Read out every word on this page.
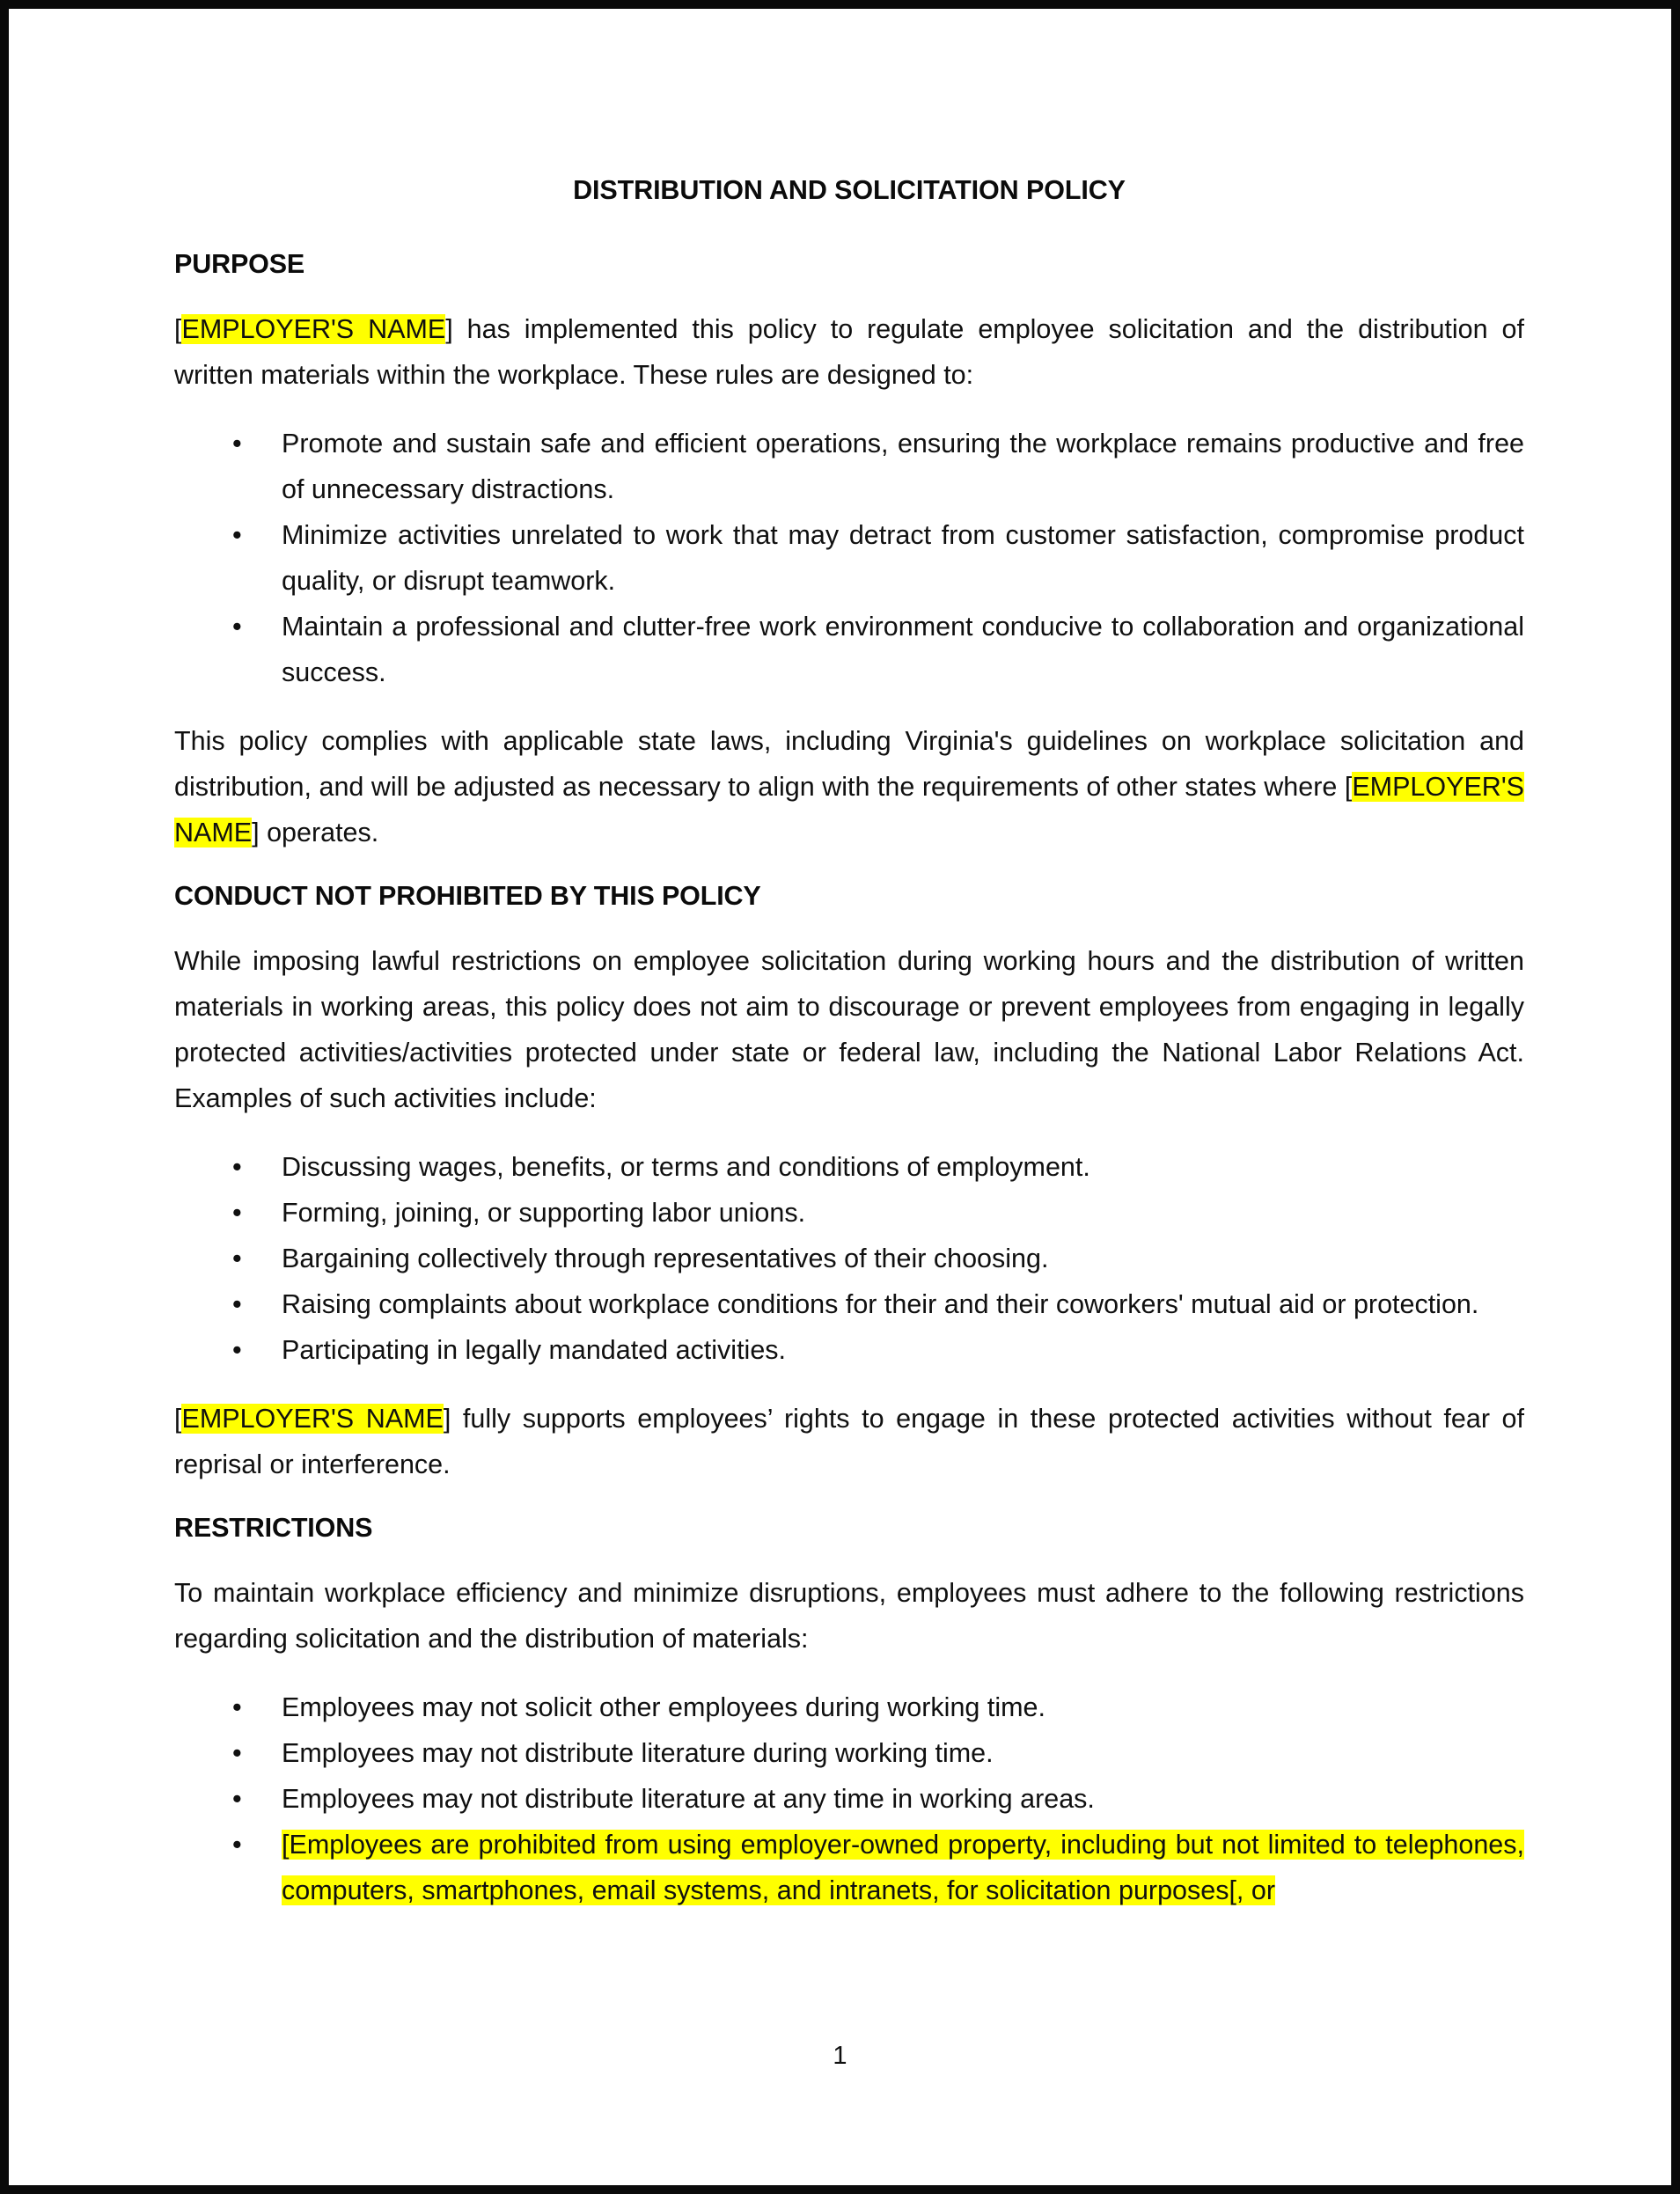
DISTRIBUTION AND SOLICITATION POLICY
PURPOSE

[EMPLOYER'S NAME] has implemented this policy to regulate employee solicitation and the distribution of written materials within the workplace. These rules are designed to:

• Promote and sustain safe and efficient operations, ensuring the workplace remains productive and free of unnecessary distractions.
• Minimize activities unrelated to work that may detract from customer satisfaction, compromise product quality, or disrupt teamwork.
• Maintain a professional and clutter-free work environment conducive to collaboration and organizational success.

This policy complies with applicable state laws, including Virginia's guidelines on workplace solicitation and distribution, and will be adjusted as necessary to align with the requirements of other states where [EMPLOYER'S NAME] operates.

CONDUCT NOT PROHIBITED BY THIS POLICY

While imposing lawful restrictions on employee solicitation during working hours and the distribution of written materials in working areas, this policy does not aim to discourage or prevent employees from engaging in legally protected activities/activities protected under state or federal law, including the National Labor Relations Act. Examples of such activities include:

• Discussing wages, benefits, or terms and conditions of employment.
• Forming, joining, or supporting labor unions.
• Bargaining collectively through representatives of their choosing.
• Raising complaints about workplace conditions for their and their coworkers' mutual aid or protection.
• Participating in legally mandated activities.

[EMPLOYER'S NAME] fully supports employees’ rights to engage in these protected activities without fear of reprisal or interference.

RESTRICTIONS

To maintain workplace efficiency and minimize disruptions, employees must adhere to the following restrictions regarding solicitation and the distribution of materials:

• Employees may not solicit other employees during working time.
• Employees may not distribute literature during working time.
• Employees may not distribute literature at any time in working areas.
• [Employees are prohibited from using employer-owned property, including but not limited to telephones, computers, smartphones, email systems, and intranets, for solicitation purposes[, or
1
